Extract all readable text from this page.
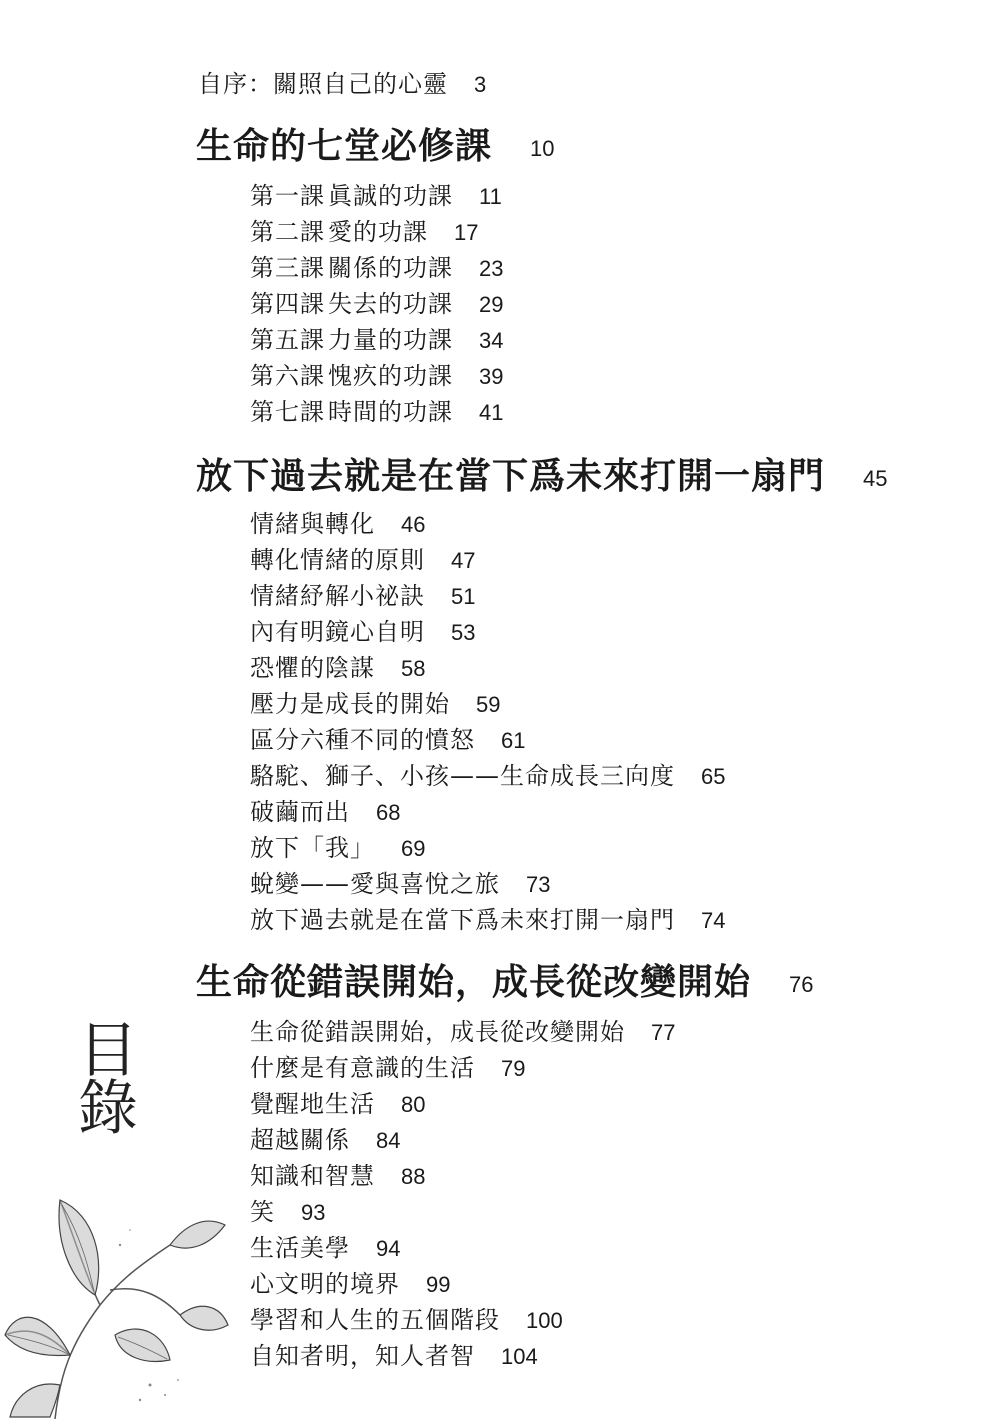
自序：關照自己的心靈 3
生命的七堂必修課 10
第一課 眞誠的功課 11
第二課 愛的功課 17
第三課 關係的功課 23
第四課 失去的功課 29
第五課 力量的功課 34
第六課 愧疚的功課 39
第七課 時間的功課 41
放下過去就是在當下爲未來打開一扇門 45
情緒與轉化 46
轉化情緒的原則 47
情緒紓解小祕訣 51
內有明鏡心自明 53
恐懼的陰謀 58
壓力是成長的開始 59
區分六種不同的憤怒 61
駱駝、獅子、小孩——生命成長三向度 65
破繭而出 68
放下「我」 69
蛻變——愛與喜悅之旅 73
放下過去就是在當下爲未來打開一扇門 74
生命從錯誤開始，成長從改變開始 76
生命從錯誤開始，成長從改變開始 77
什麼是有意識的生活 79
覺醒地生活 80
超越關係 84
知識和智慧 88
笑 93
生活美學 94
心文明的境界 99
學習和人生的五個階段 100
自知者明，知人者智 104
目
錄
